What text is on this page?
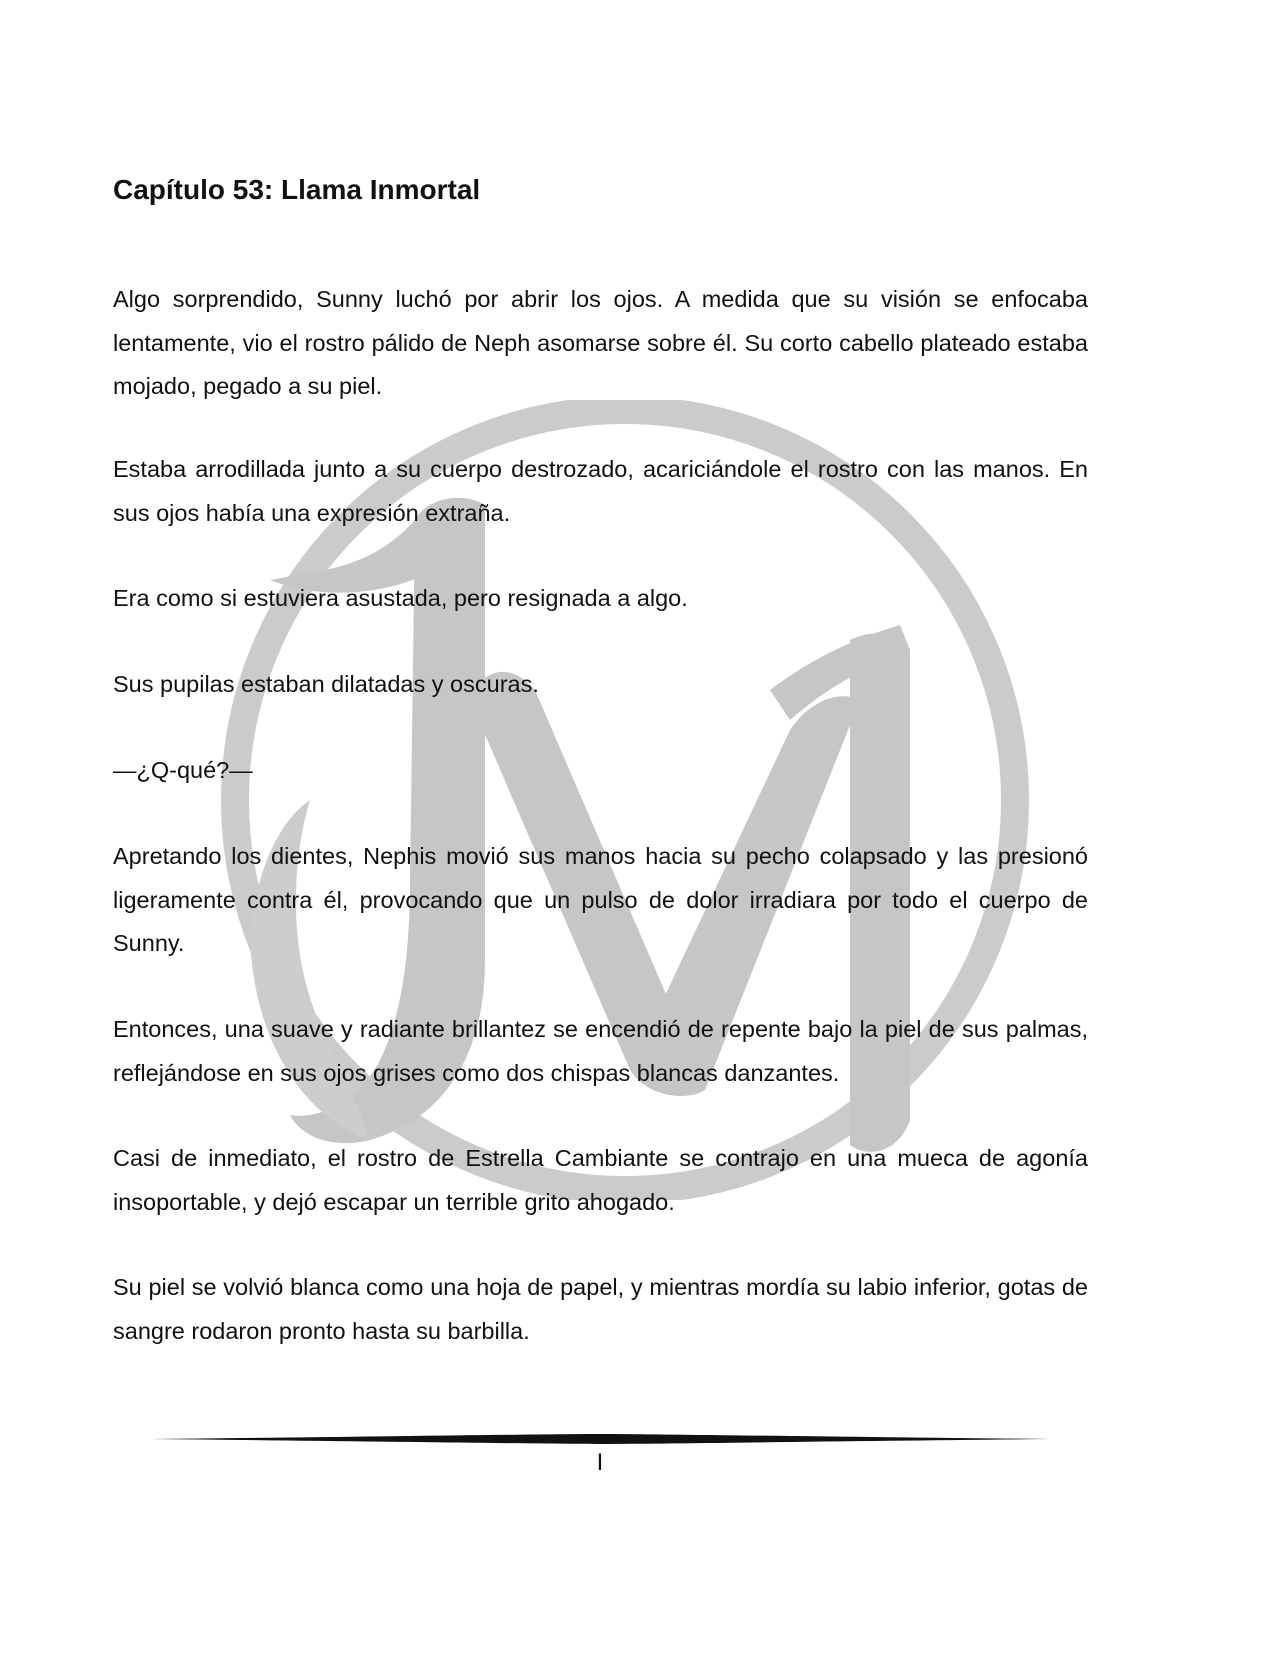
Capítulo 53: Llama Inmortal

Algo sorprendido, Sunny luchó por abrir los ojos. A medida que su visión se enfocaba lentamente, vio el rostro pálido de Neph asomarse sobre él. Su corto cabello plateado estaba mojado, pegado a su piel.

Estaba arrodillada junto a su cuerpo destrozado, acariciándole el rostro con las manos. En sus ojos había una expresión extraña.

Era como si estuviera asustada, pero resignada a algo.

Sus pupilas estaban dilatadas y oscuras.

—¿Q-qué?—

Apretando los dientes, Nephis movió sus manos hacia su pecho colapsado y las presionó ligeramente contra él, provocando que un pulso de dolor irradiara por todo el cuerpo de Sunny.

Entonces, una suave y radiante brillantez se encendió de repente bajo la piel de sus palmas, reflejándose en sus ojos grises como dos chispas blancas danzantes.

Casi de inmediato, el rostro de Estrella Cambiante se contrajo en una mueca de agonía insoportable, y dejó escapar un terrible grito ahogado.

Su piel se volvió blanca como una hoja de papel, y mientras mordía su labio inferior, gotas de sangre rodaron pronto hasta su barbilla.

I
